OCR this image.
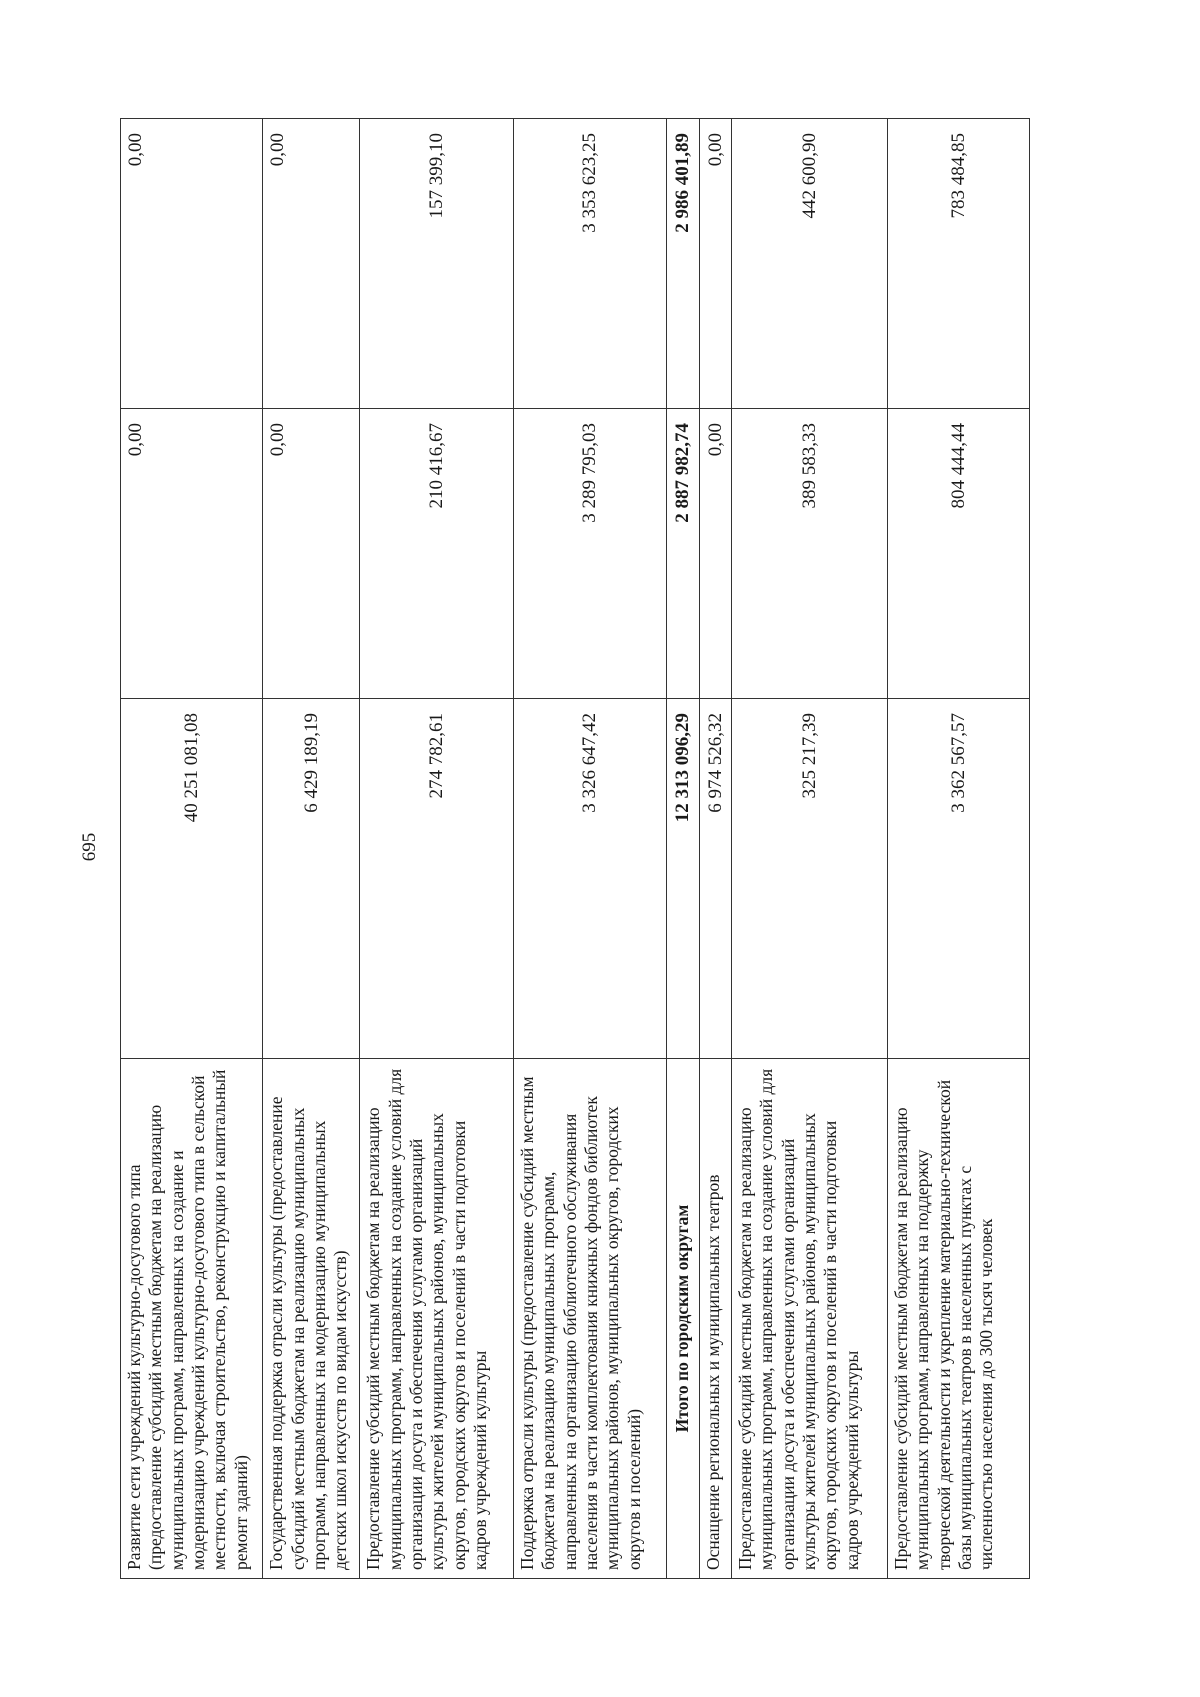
695
Развитие сети учреждений культурно-досугового типа (предоставление субсидий местным бюджетам на реализацию муниципальных программ, направленных на создание и модернизацию учреждений культурно-досугового типа в сельской местности, включая строительство, реконструкцию и капитальный ремонт зданий)	40 251 081,08	0,00	0,00
Государственная поддержка отрасли культуры (предоставление субсидий местным бюджетам на реализацию муниципальных программ, направленных на модернизацию муниципальных детских школ искусств по видам искусств)	6 429 189,19	0,00	0,00
Предоставление субсидий местным бюджетам на реализацию муниципальных программ, направленных на создание условий для организации досуга и обеспечения услугами организаций культуры жителей муниципальных районов, муниципальных округов, городских округов и поселений в части подготовки кадров учреждений культуры	274 782,61	210 416,67	157 399,10
Поддержка отрасли культуры (предоставление субсидий местным бюджетам на реализацию муниципальных программ, направленных на организацию библиотечного обслуживания населения в части комплектования книжных фондов библиотек муниципальных районов, муниципальных округов, городских округов и поселений)	3 326 647,42	3 289 795,03	3 353 623,25
Итого по городским округам	12 313 096,29	2 887 982,74	2 986 401,89
Оснащение региональных и муниципальных театров	6 974 526,32	0,00	0,00
Предоставление субсидий местным бюджетам на реализацию муниципальных программ, направленных на создание условий для организации досуга и обеспечения услугами организаций культуры жителей муниципальных районов, муниципальных округов, городских округов и поселений в части подготовки кадров учреждений культуры	325 217,39	389 583,33	442 600,90
Предоставление субсидий местным бюджетам на реализацию муниципальных программ, направленных на поддержку творческой деятельности и укрепление материально-технической базы муниципальных театров в населенных пунктах с численностью населения до 300 тысяч человек	3 362 567,57	804 444,44	783 484,85
